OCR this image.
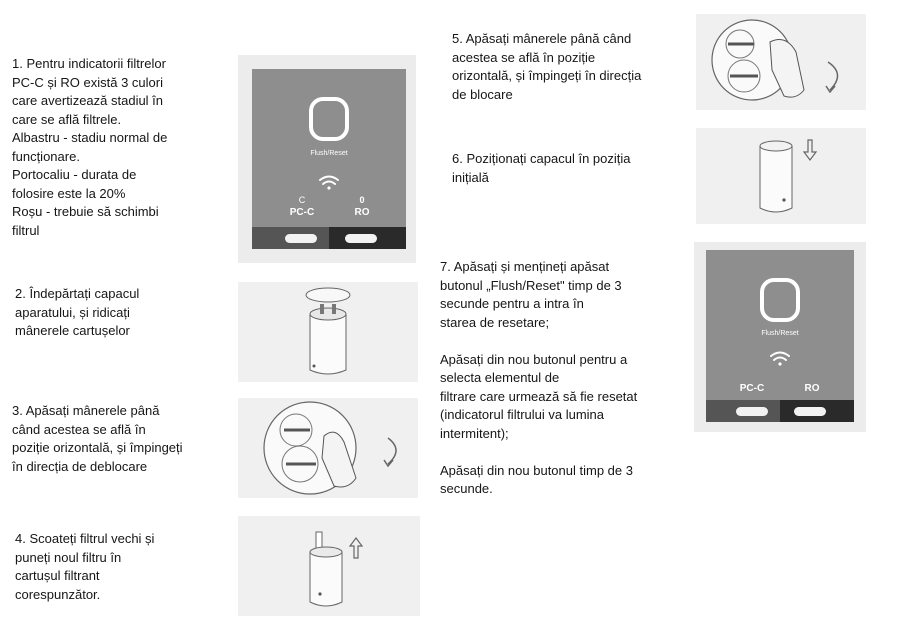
1. Pentru indicatorii filtrelor
PC-C și RO există 3 culori
care avertizează stadiul în
care se află filtrele.
Albastru - stadiu normal de
funcționare.
Portocaliu - durata de
folosire este la 20%
Roșu - trebuie să schimbi
filtrul
2. Îndepărtați capacul
aparatului, și ridicați
mânerele cartușelor
3. Apăsați mânerele până
când acestea se află în
poziție orizontală, și împingeți
în direcția de deblocare
4. Scoateți filtrul vechi și
puneți noul filtru în
cartușul filtrant
corespunzător.
5. Apăsați mânerele până când
acestea se află în poziție
orizontală, și împingeți în direcția
de blocare
6. Poziționați capacul în poziția
inițială
7. Apăsați și mențineți apăsat
butonul „Flush/Reset" timp de 3
secunde pentru a intra în
starea de resetare;

Apăsați din nou butonul pentru a
selecta elementul de
filtrare care urmează să fie resetat
(indicatorul filtrului va lumina
intermitent);

Apăsați din nou butonul timp de 3
secunde.
Flush/Reset
C	0
PC-C	RO
Flush/Reset
PC-C	RO
